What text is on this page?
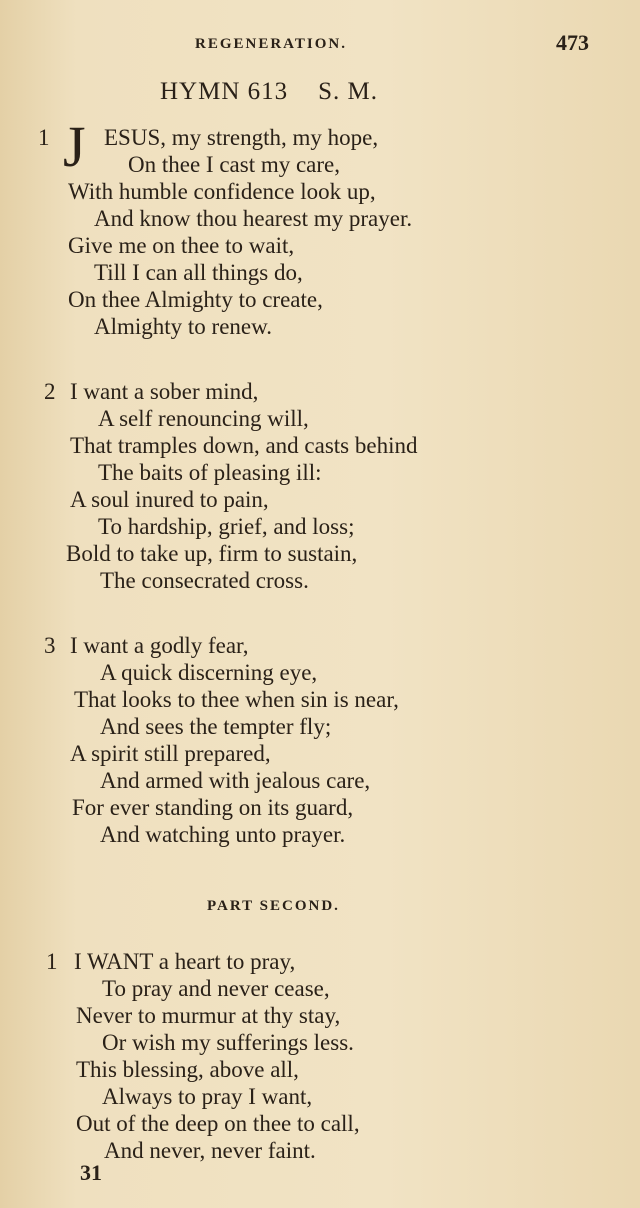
REGENERATION.	473
HYMN 613 S. M.
1 J ESUS, my strength, my hope,
On thee I cast my care,
With humble confidence look up,
And know thou hearest my prayer.
Give me on thee to wait,
Till I can all things do,
On thee Almighty to create,
Almighty to renew.
2 I want a sober mind,
A self renouncing will,
That tramples down, and casts behind
The baits of pleasing ill:
A soul inured to pain,
To hardship, grief, and loss;
Bold to take up, firm to sustain,
The consecrated cross.
3 I want a godly fear,
A quick discerning eye,
That looks to thee when sin is near,
And sees the tempter fly;
A spirit still prepared,
And armed with jealous care,
For ever standing on its guard,
And watching unto prayer.
PART SECOND.
1 I WANT a heart to pray,
To pray and never cease,
Never to murmur at thy stay,
Or wish my sufferings less.
This blessing, above all,
Always to pray I want,
Out of the deep on thee to call,
And never, never faint.
31
